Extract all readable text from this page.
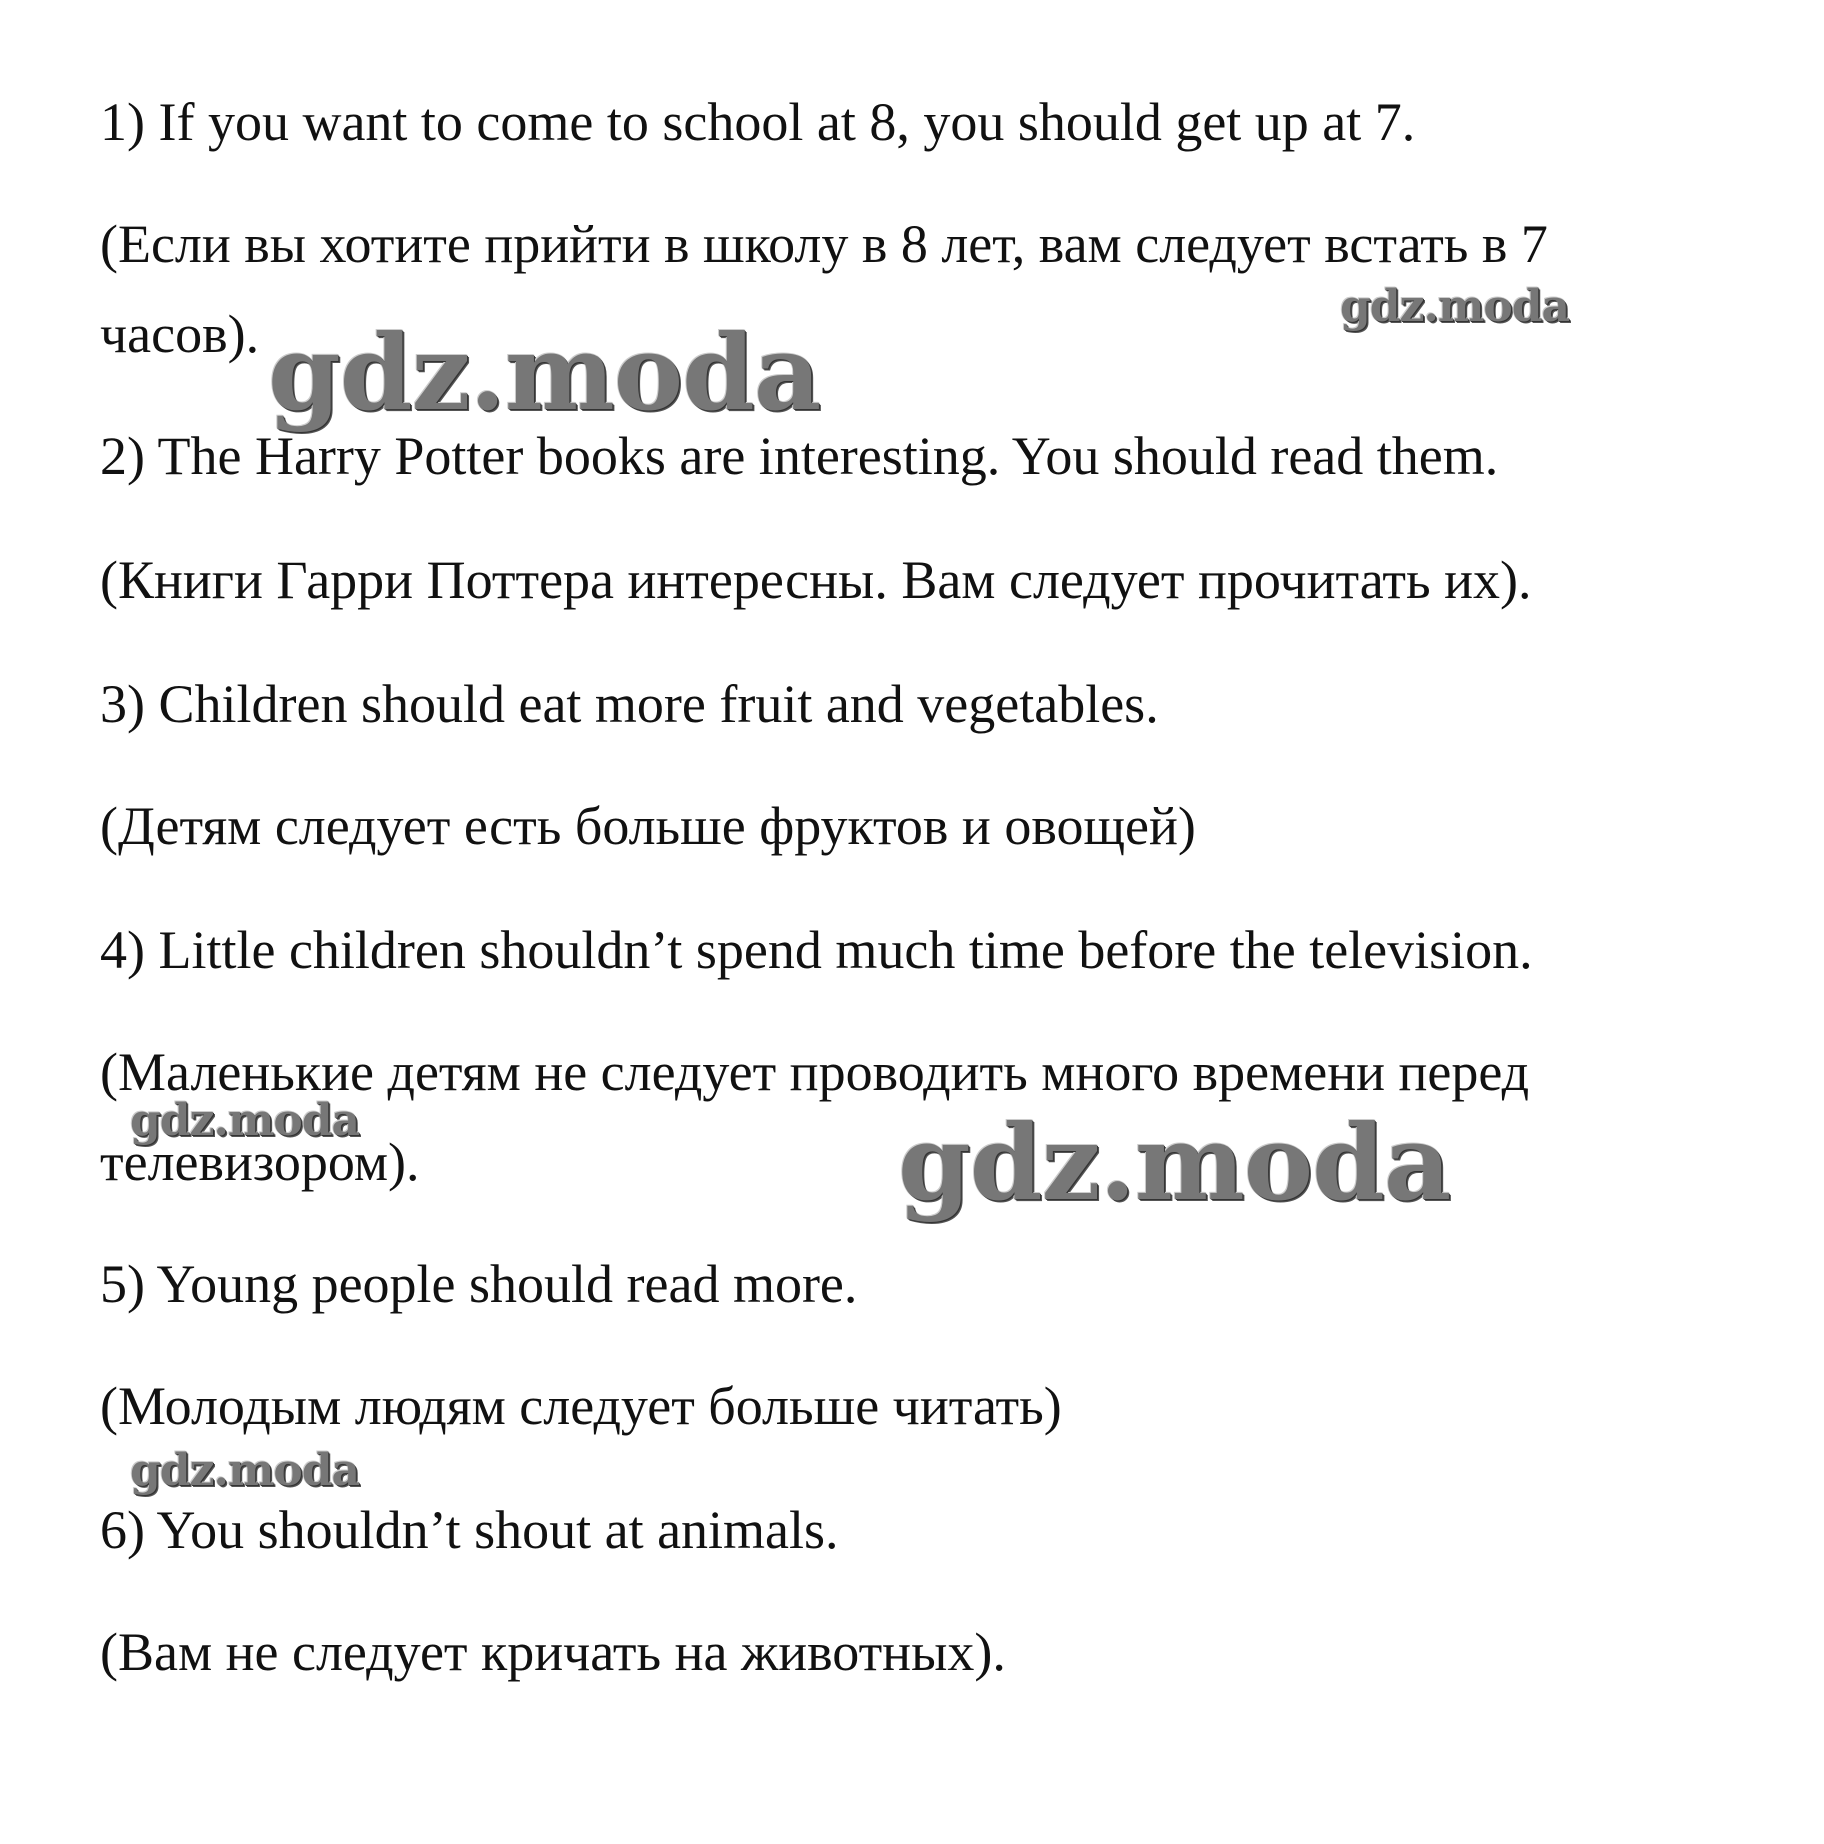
1) If you want to come to school at 8, you should get up at 7.

(Если вы хотите прийти в школу в 8 лет, вам следует встать в 7

часов).

2) The Harry Potter books are interesting. You should read them.

(Книги Гарри Поттера интересны. Вам следует прочитать их).

3) Children should eat more fruit and vegetables.

(Детям следует есть больше фруктов и овощей)

4) Little children shouldn’t spend much time before the television.

(Маленькие детям не следует проводить много времени перед

телевизором).

5) Young people should read more.

(Молодым людям следует больше читать)

6) You shouldn’t shout at animals.

(Вам не следует кричать на животных).

gdz.moda
gdz.moda
gdz.moda	gdz.moda
gdz.moda
